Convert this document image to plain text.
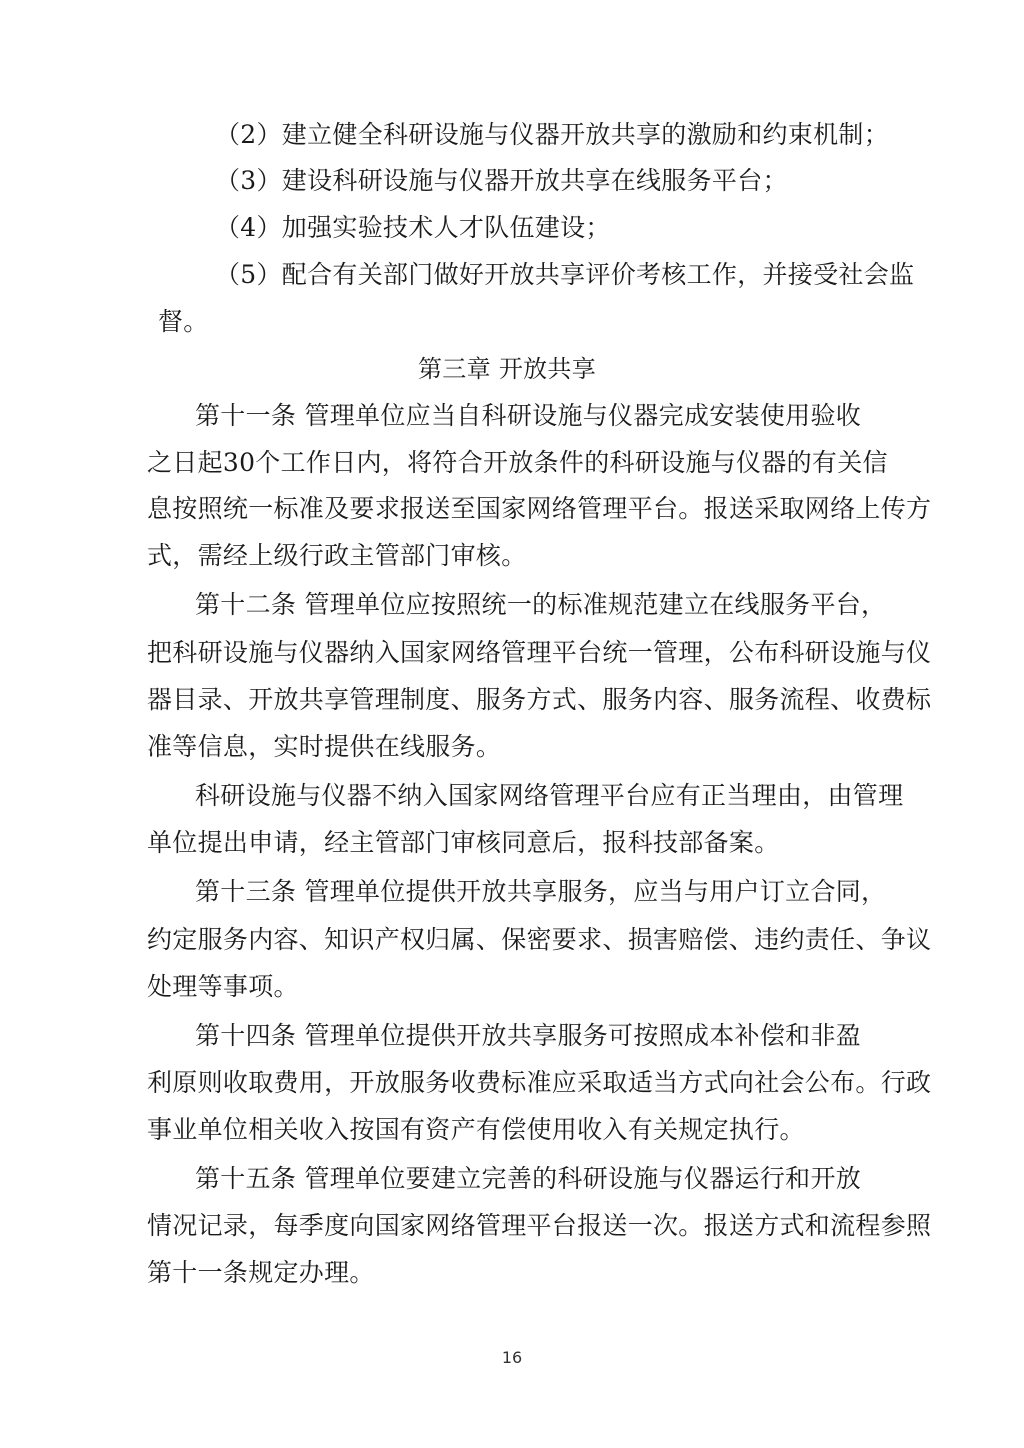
（2）建立健全科研设施与仪器开放共享的激励和约束机制；
（3）建设科研设施与仪器开放共享在线服务平台；
（4）加强实验技术人才队伍建设；
（5）配合有关部门做好开放共享评价考核工作，并接受社会监
督。
第三章 开放共享
第十一条 管理单位应当自科研设施与仪器完成安装使用验收
之日起30个工作日内，将符合开放条件的科研设施与仪器的有关信
息按照统一标准及要求报送至国家网络管理平台。报送采取网络上传方
式，需经上级行政主管部门审核。
第十二条 管理单位应按照统一的标准规范建立在线服务平台，
把科研设施与仪器纳入国家网络管理平台统一管理，公布科研设施与仪
器目录、开放共享管理制度、服务方式、服务内容、服务流程、收费标
准等信息，实时提供在线服务。
科研设施与仪器不纳入国家网络管理平台应有正当理由，由管理
单位提出申请，经主管部门审核同意后，报科技部备案。
第十三条 管理单位提供开放共享服务，应当与用户订立合同，
约定服务内容、知识产权归属、保密要求、损害赔偿、违约责任、争议
处理等事项。
第十四条 管理单位提供开放共享服务可按照成本补偿和非盈
利原则收取费用，开放服务收费标准应采取适当方式向社会公布。行政
事业单位相关收入按国有资产有偿使用收入有关规定执行。
第十五条 管理单位要建立完善的科研设施与仪器运行和开放
情况记录，每季度向国家网络管理平台报送一次。报送方式和流程参照
第十一条规定办理。
16
